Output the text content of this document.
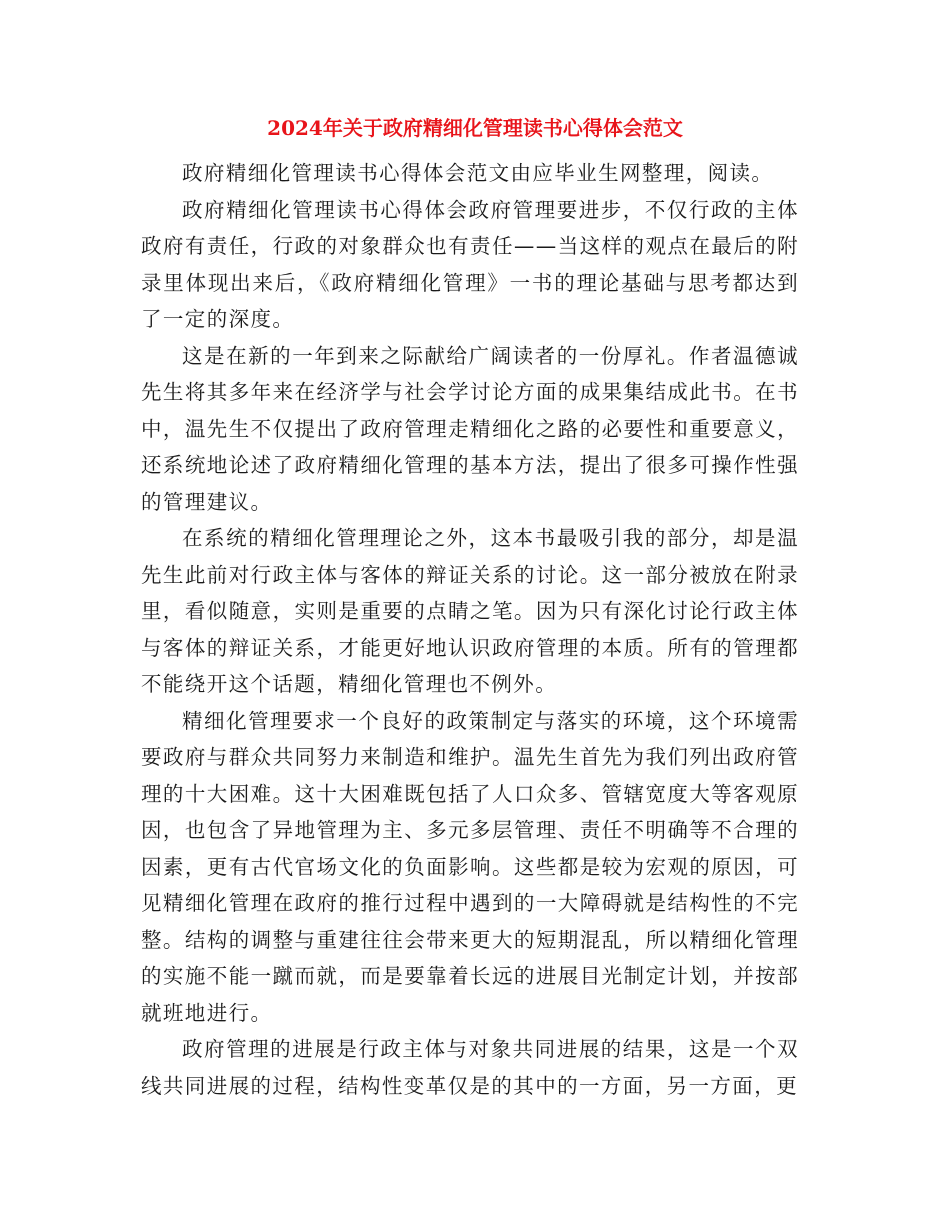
2024年关于政府精细化管理读书心得体会范文

政府精细化管理读书心得体会范文由应毕业生网整理，阅读。

政府精细化管理读书心得体会政府管理要进步，不仅行政的主体政府有责任，行政的对象群众也有责任——当这样的观点在最后的附录里体现出来后，《政府精细化管理》一书的理论基础与思考都达到了一定的深度。

这是在新的一年到来之际献给广阔读者的一份厚礼。作者温德诚先生将其多年来在经济学与社会学讨论方面的成果集结成此书。在书中，温先生不仅提出了政府管理走精细化之路的必要性和重要意义，还系统地论述了政府精细化管理的基本方法，提出了很多可操作性强的管理建议。

在系统的精细化管理理论之外，这本书最吸引我的部分，却是温先生此前对行政主体与客体的辩证关系的讨论。这一部分被放在附录里，看似随意，实则是重要的点睛之笔。因为只有深化讨论行政主体与客体的辩证关系，才能更好地认识政府管理的本质。所有的管理都不能绕开这个话题，精细化管理也不例外。

精细化管理要求一个良好的政策制定与落实的环境，这个环境需要政府与群众共同努力来制造和维护。温先生首先为我们列出政府管理的十大困难。这十大困难既包括了人口众多、管辖宽度大等客观原因，也包含了异地管理为主、多元多层管理、责任不明确等不合理的因素，更有古代官场文化的负面影响。这些都是较为宏观的原因，可见精细化管理在政府的推行过程中遇到的一大障碍就是结构性的不完整。结构的调整与重建往往会带来更大的短期混乱，所以精细化管理的实施不能一蹴而就，而是要靠着长远的进展目光制定计划，并按部就班地进行。

政府管理的进展是行政主体与对象共同进展的结果，这是一个双线共同进展的过程，结构性变革仅是的其中的一方面，另一方面，更
